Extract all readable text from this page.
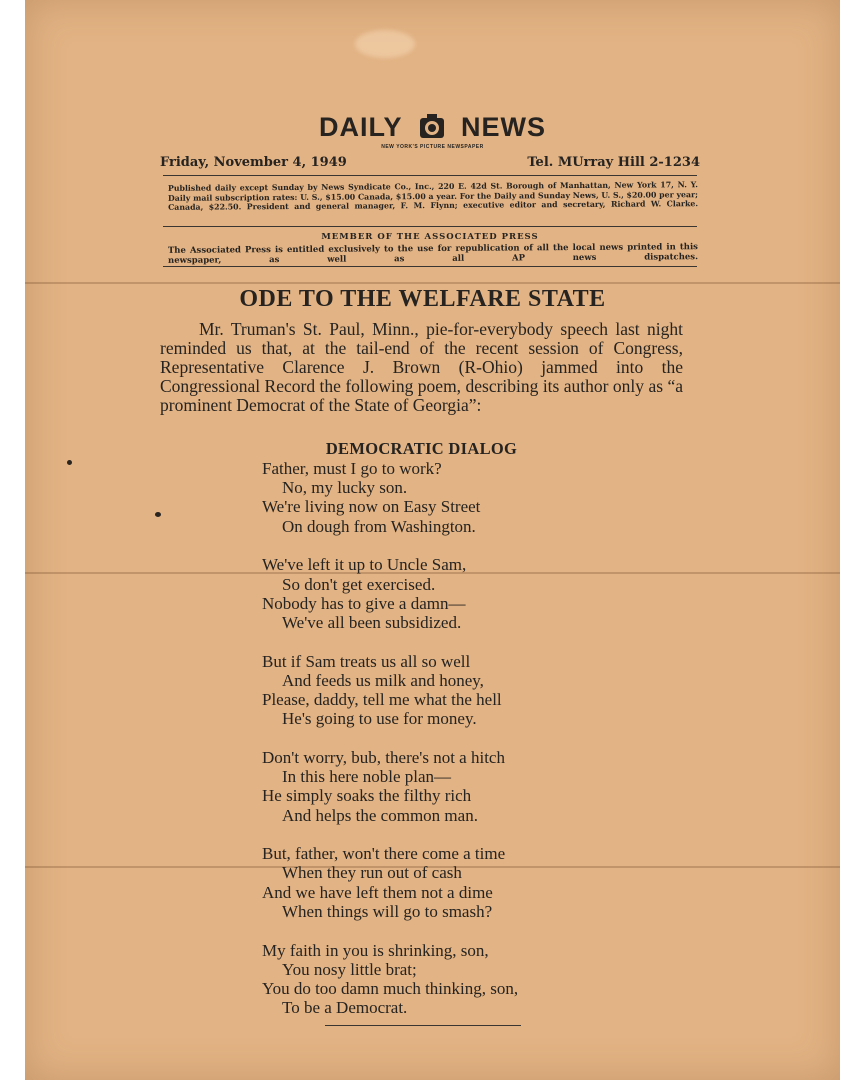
DAILY NEWS
NEW YORK'S PICTURE NEWSPAPER
Friday, November 4, 1949	Tel. MUrray Hill 2-1234
Published daily except Sunday by News Syndicate Co., Inc., 220 E. 42d St. Borough of Manhattan, New York 17, N. Y. Daily mail subscription rates: U. S., $15.00 Canada, $15.00 a year. For the Daily and Sunday News, U. S., $20.00 per year; Canada, $22.50. President and general manager, F. M. Flynn; executive editor and secretary, Richard W. Clarke.
MEMBER OF THE ASSOCIATED PRESS
The Associated Press is entitled exclusively to the use for republication of all the local news printed in this newspaper, as well as all AP news dispatches.
ODE TO THE WELFARE STATE
Mr. Truman's St. Paul, Minn., pie-for-everybody speech last night reminded us that, at the tail-end of the recent session of Congress, Representative Clarence J. Brown (R-Ohio) jammed into the Congressional Record the following poem, describing its author only as “a prominent Democrat of the State of Georgia”:
DEMOCRATIC DIALOG
Father, must I go to work?
No, my lucky son.
We're living now on Easy Street
On dough from Washington.
We've left it up to Uncle Sam,
So don't get exercised.
Nobody has to give a damn—
We've all been subsidized.
But if Sam treats us all so well
And feeds us milk and honey,
Please, daddy, tell me what the hell
He's going to use for money.
Don't worry, bub, there's not a hitch
In this here noble plan—
He simply soaks the filthy rich
And helps the common man.
But, father, won't there come a time
When they run out of cash
And we have left them not a dime
When things will go to smash?
My faith in you is shrinking, son,
You nosy little brat;
You do too damn much thinking, son,
To be a Democrat.
